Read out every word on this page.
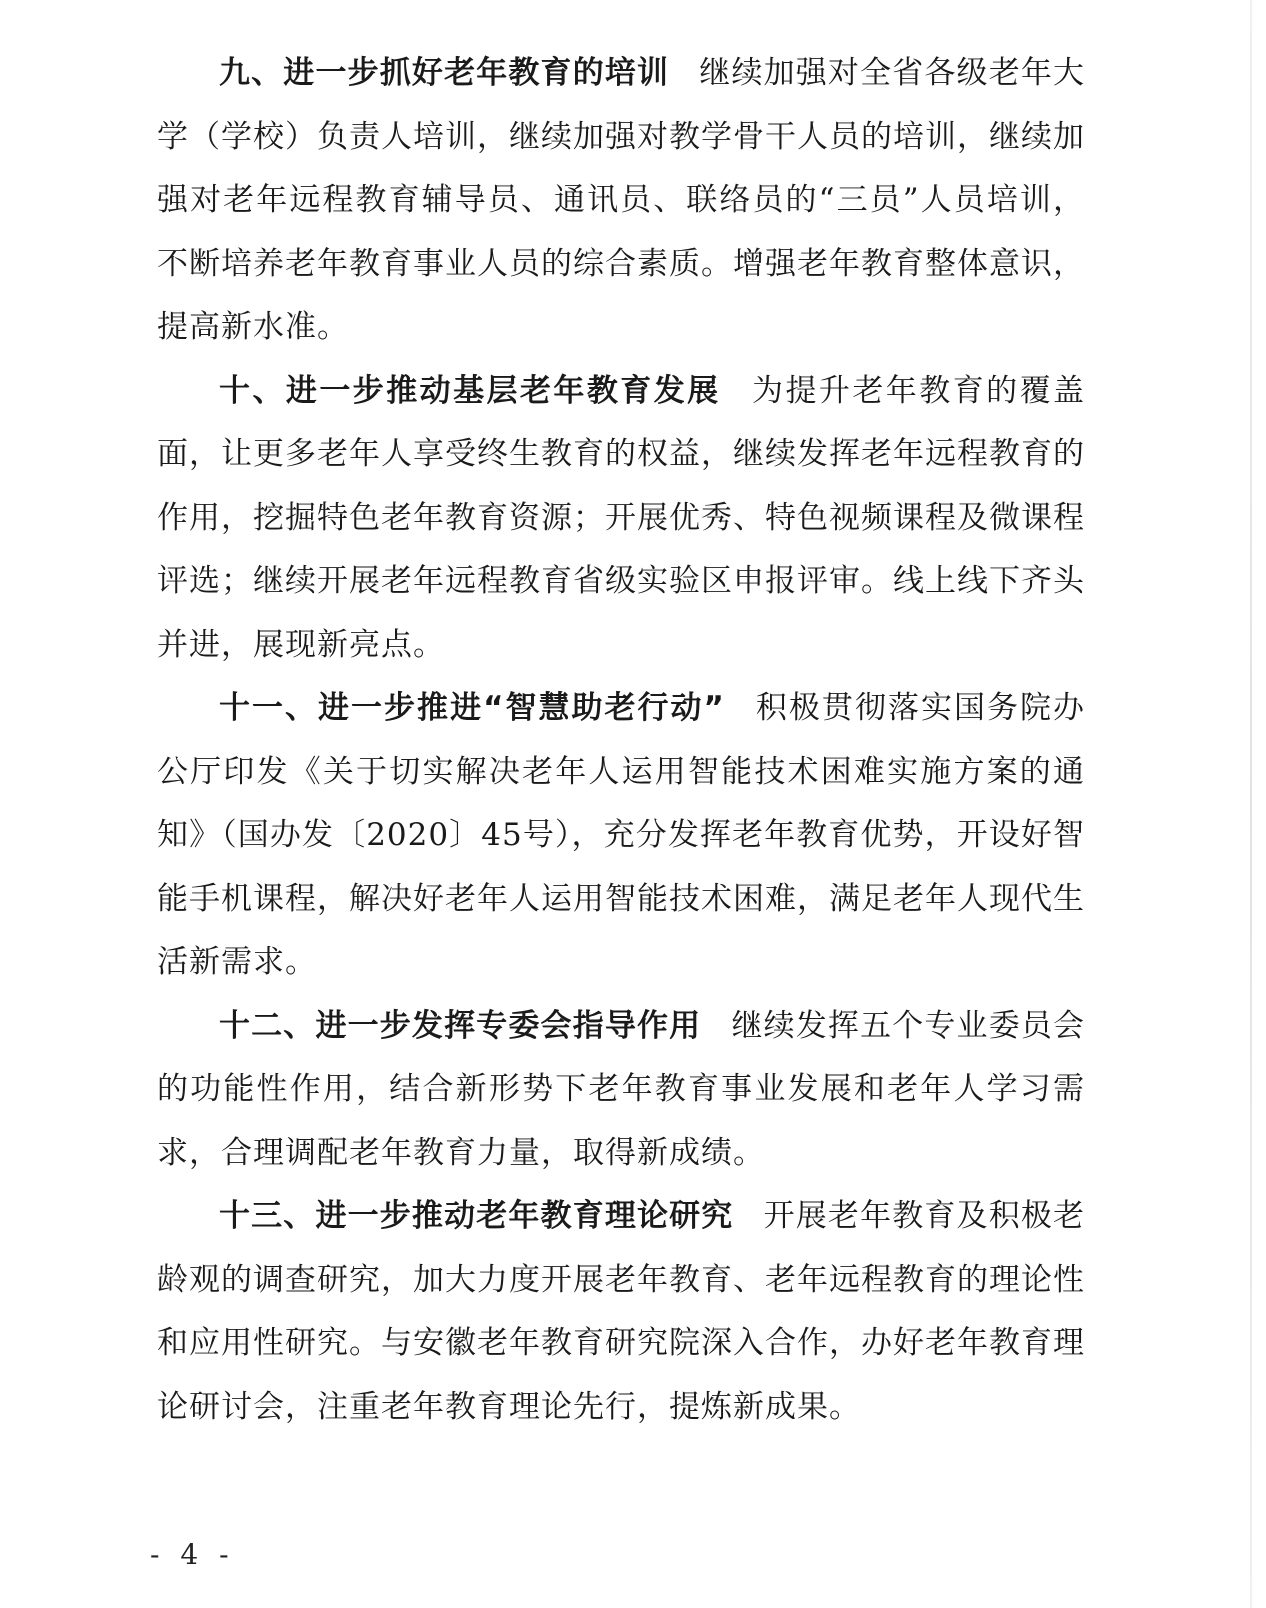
九、进一步抓好老年教育的培训 继续加强对全省各级老年大学（学校）负责人培训，继续加强对教学骨干人员的培训，继续加强对老年远程教育辅导员、通讯员、联络员的“三员”人员培训，不断培养老年教育事业人员的综合素质。增强老年教育整体意识，提高新水准。

十、进一步推动基层老年教育发展 为提升老年教育的覆盖面，让更多老年人享受终生教育的权益，继续发挥老年远程教育的作用，挖掘特色老年教育资源；开展优秀、特色视频课程及微课程评选；继续开展老年远程教育省级实验区申报评审。线上线下齐头并进，展现新亮点。

十一、进一步推进“智慧助老行动” 积极贯彻落实国务院办公厅印发《关于切实解决老年人运用智能技术困难实施方案的通知》（国办发〔2020〕45号），充分发挥老年教育优势，开设好智能手机课程，解决好老年人运用智能技术困难，满足老年人现代生活新需求。

十二、进一步发挥专委会指导作用 继续发挥五个专业委员会的功能性作用，结合新形势下老年教育事业发展和老年人学习需求，合理调配老年教育力量，取得新成绩。

十三、进一步推动老年教育理论研究 开展老年教育及积极老龄观的调查研究，加大力度开展老年教育、老年远程教育的理论性和应用性研究。与安徽老年教育研究院深入合作，办好老年教育理论研讨会，注重老年教育理论先行，提炼新成果。

- 4 -
